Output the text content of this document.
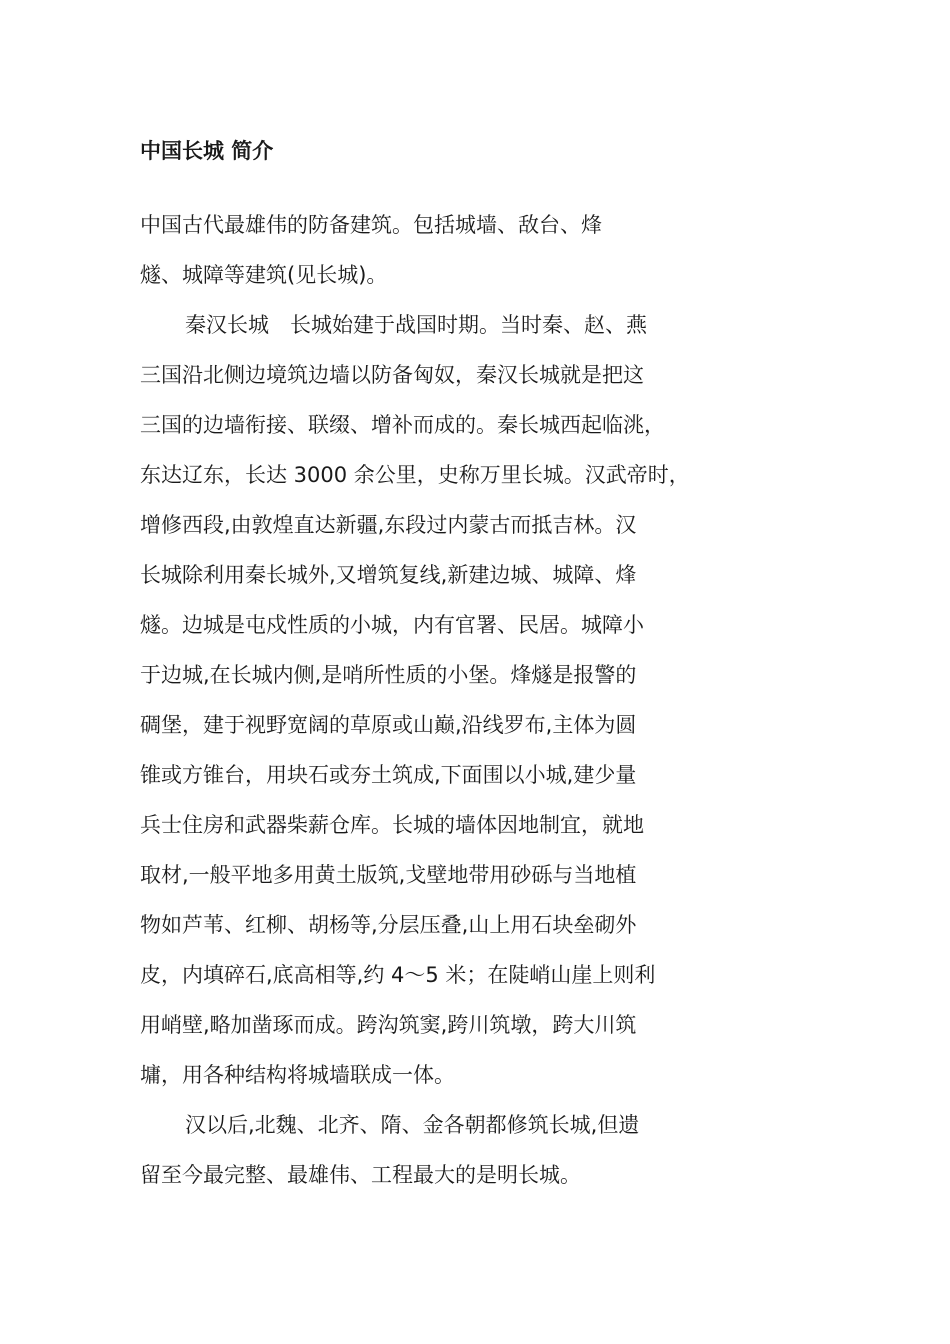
中国长城 简介
中国古代最雄伟的防备建筑。包括城墙、敌台、烽
燧、城障等建筑(见长城)。
秦汉长城　长城始建于战国时期。当时秦、赵、燕
三国沿北侧边境筑边墙以防备匈奴，秦汉长城就是把这
三国的边墙衔接、联缀、增补而成的。秦长城西起临洮，
东达辽东，长达 3000 余公里，史称万里长城。汉武帝时，
增修西段,由敦煌直达新疆,东段过内蒙古而抵吉林。汉
长城除利用秦长城外,又增筑复线,新建边城、城障、烽
燧。边城是屯戍性质的小城，内有官署、民居。城障小
于边城,在长城内侧,是哨所性质的小堡。烽燧是报警的
碉堡，建于视野宽阔的草原或山巅,沿线罗布,主体为圆
锥或方锥台，用块石或夯土筑成,下面围以小城,建少量
兵士住房和武器柴薪仓库。长城的墙体因地制宜，就地
取材,一般平地多用黄土版筑,戈壁地带用砂砾与当地植
物如芦苇、红柳、胡杨等,分层压叠,山上用石块垒砌外
皮，内填碎石,底高相等,约 4～5 米；在陡峭山崖上则利
用峭壁,略加凿琢而成。跨沟筑窦,跨川筑墩，跨大川筑
墉，用各种结构将城墙联成一体。
汉以后,北魏、北齐、隋、金各朝都修筑长城,但遗
留至今最完整、最雄伟、工程最大的是明长城。
